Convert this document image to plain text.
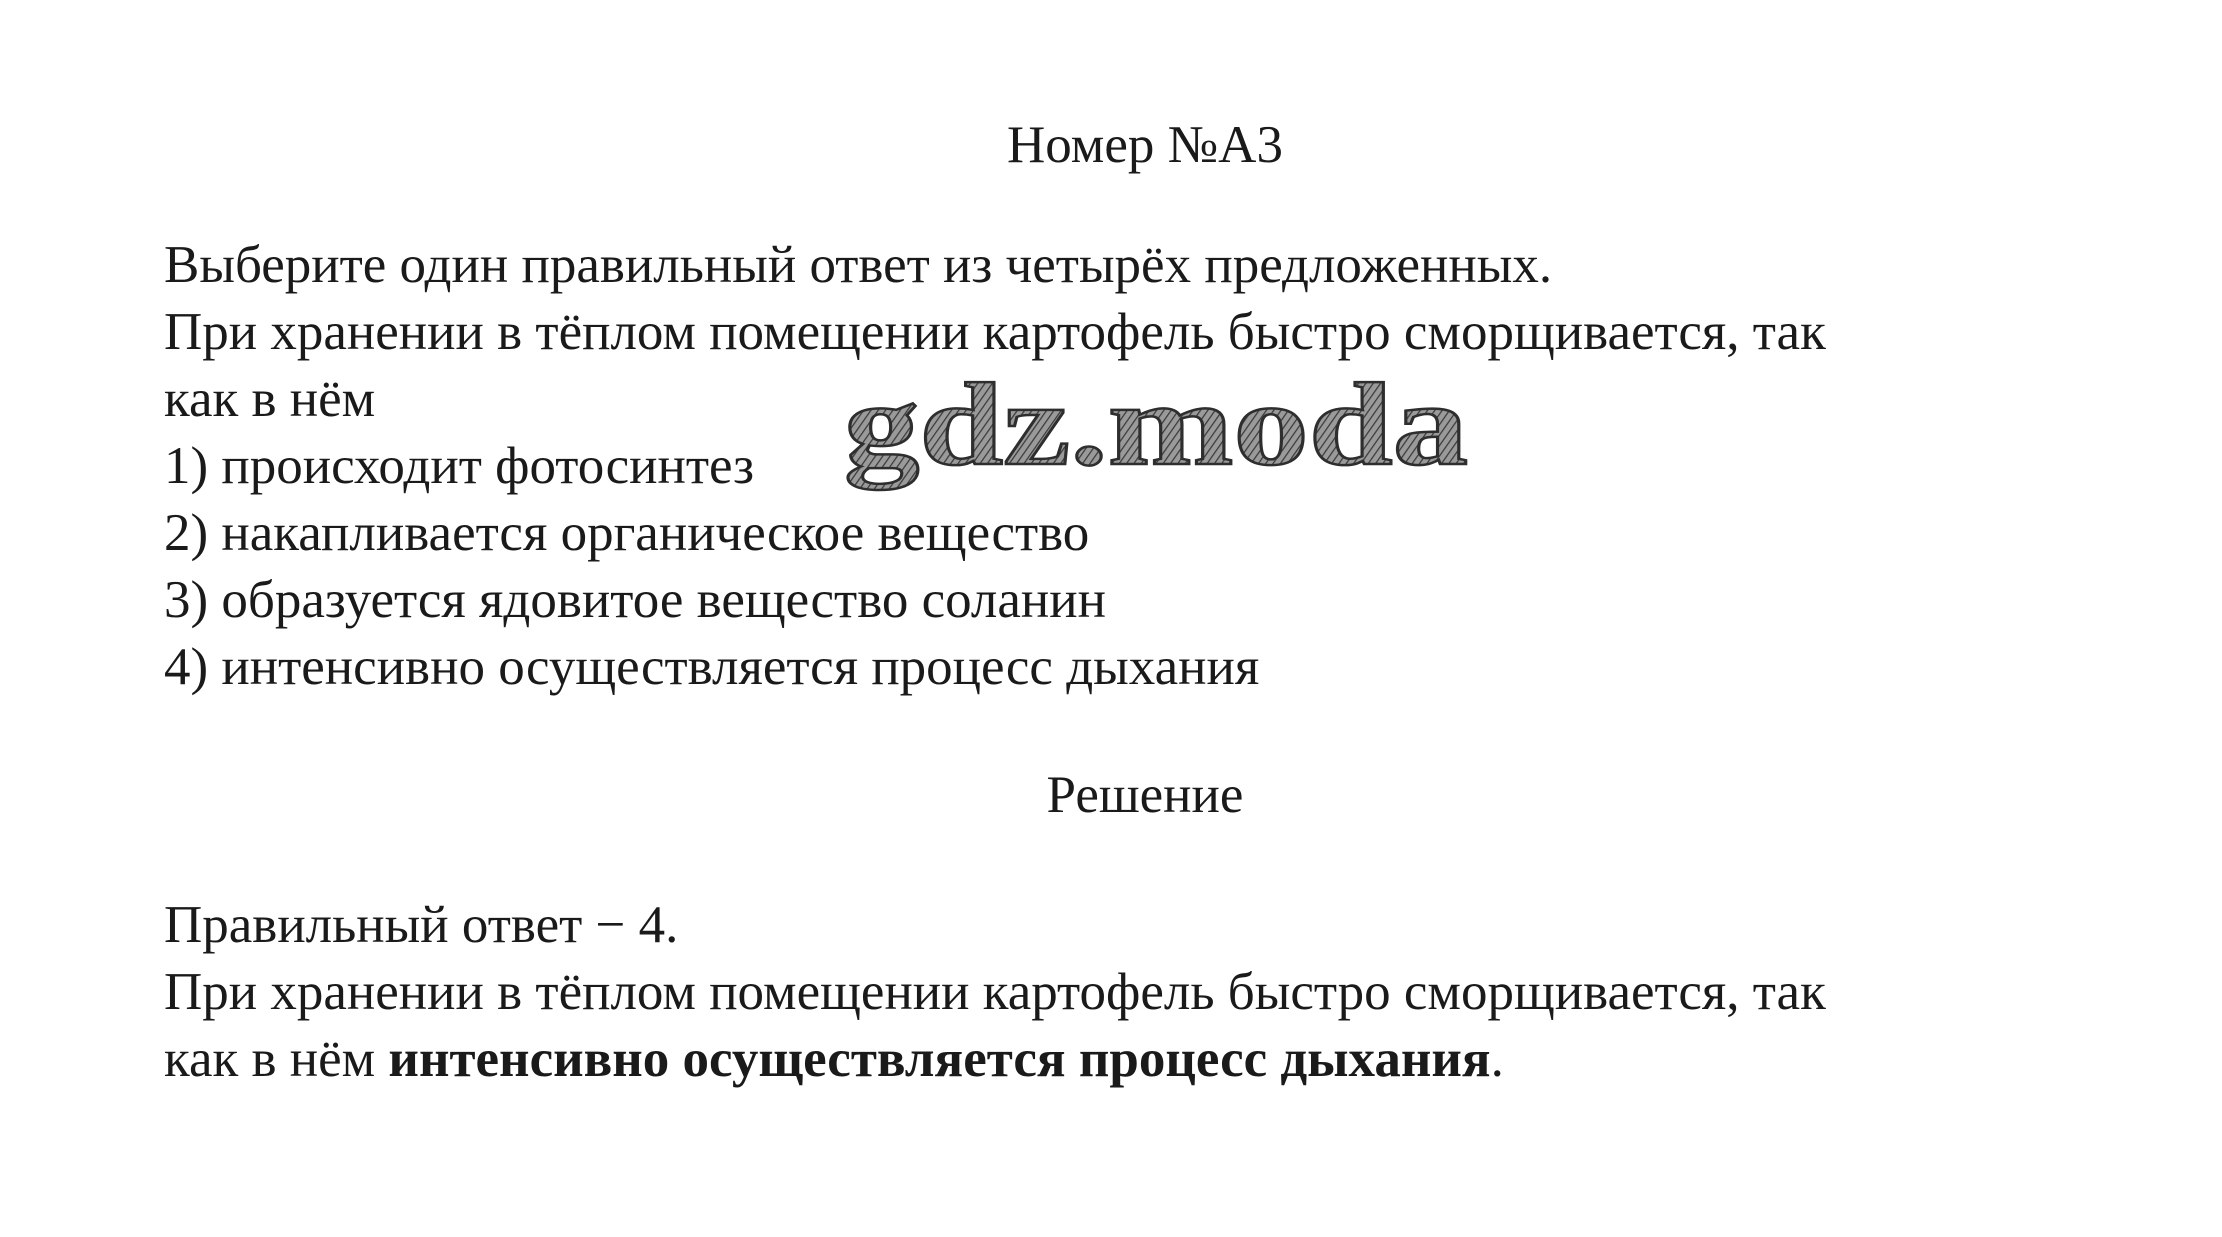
Номер №А3
Выберите один правильный ответ из четырёх предложенных.
При хранении в тёплом помещении картофель быстро сморщивается, так
как в нём
1) происходит фотосинтез
2) накапливается органическое вещество
3) образуется ядовитое вещество соланин
4) интенсивно осуществляется процесс дыхания
Решение
Правильный ответ − 4.
При хранении в тёплом помещении картофель быстро сморщивается, так
как в нём интенсивно осуществляется процесс дыхания.
gdz.moda
